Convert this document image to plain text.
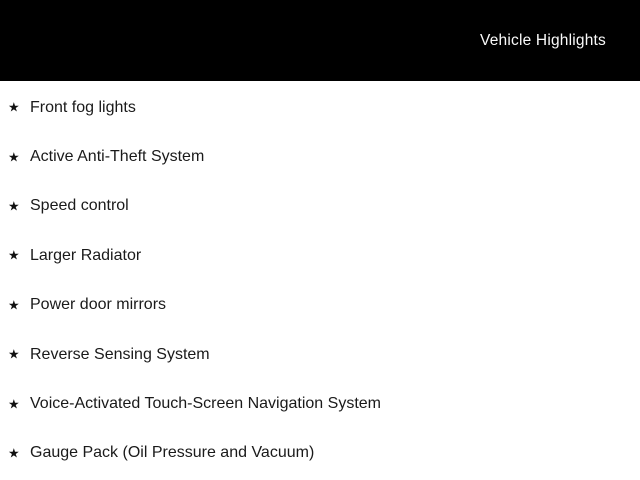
Vehicle Highlights
★ Front fog lights
★ Active Anti-Theft System
★ Speed control
★ Larger Radiator
★ Power door mirrors
★ Reverse Sensing System
★ Voice-Activated Touch-Screen Navigation System
★ Gauge Pack (Oil Pressure and Vacuum)
